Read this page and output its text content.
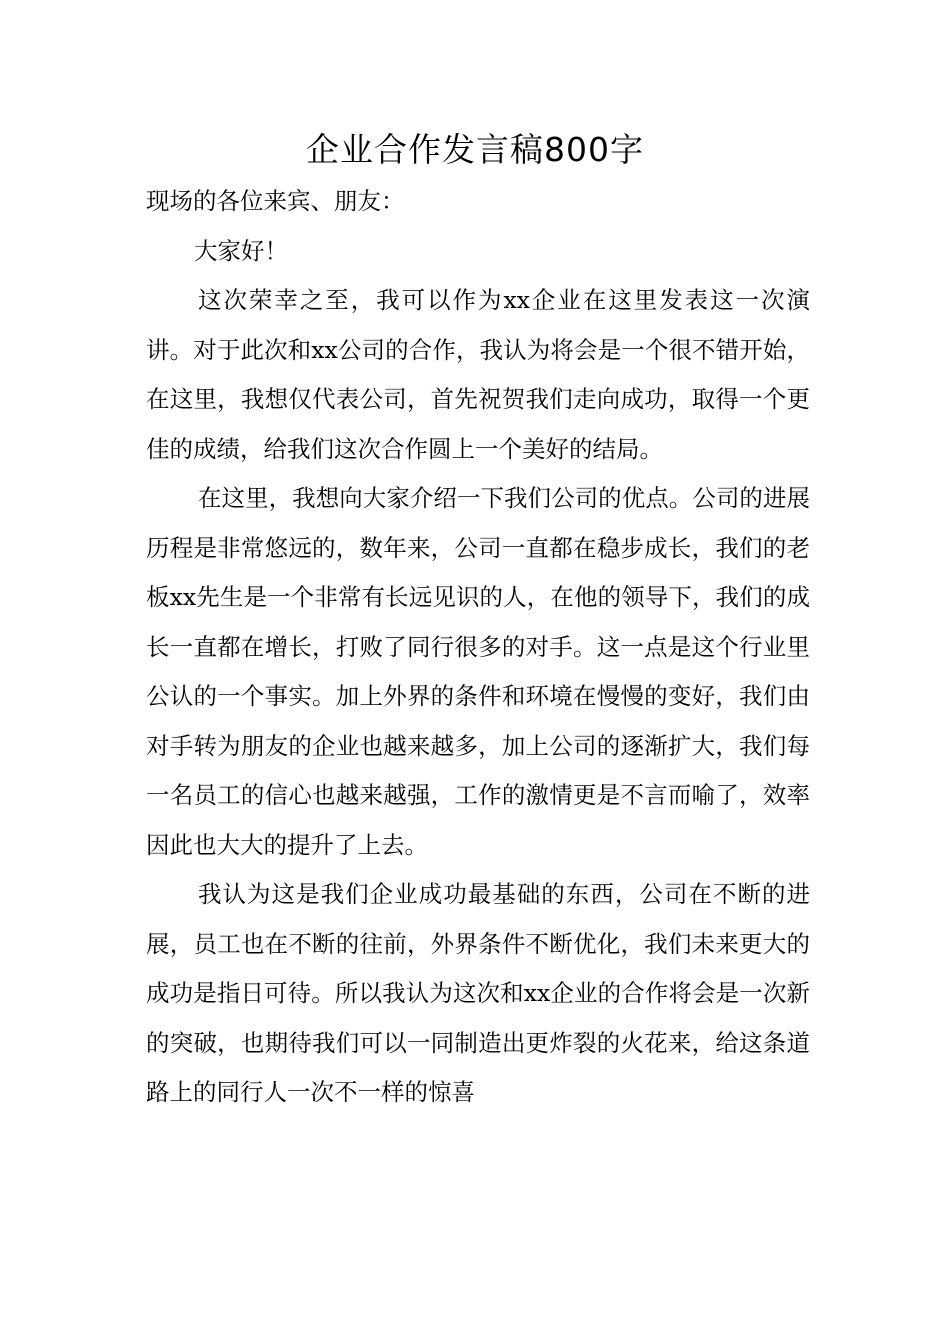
企业合作发言稿800字

现场的各位来宾、朋友：

大家好！

这次荣幸之至，我可以作为xx企业在这里发表这一次演讲。对于此次和xx公司的合作，我认为将会是一个很不错开始，在这里，我想仅代表公司，首先祝贺我们走向成功，取得一个更佳的成绩，给我们这次合作圆上一个美好的结局。

在这里，我想向大家介绍一下我们公司的优点。公司的进展历程是非常悠远的，数年来，公司一直都在稳步成长，我们的老板xx先生是一个非常有长远见识的人，在他的领导下，我们的成长一直都在增长，打败了同行很多的对手。这一点是这个行业里公认的一个事实。加上外界的条件和环境在慢慢的变好，我们由对手转为朋友的企业也越来越多，加上公司的逐渐扩大，我们每一名员工的信心也越来越强，工作的激情更是不言而喻了，效率因此也大大的提升了上去。

我认为这是我们企业成功最基础的东西，公司在不断的进展，员工也在不断的往前，外界条件不断优化，我们未来更大的成功是指日可待。所以我认为这次和xx企业的合作将会是一次新的突破，也期待我们可以一同制造出更炸裂的火花来，给这条道路上的同行人一次不一样的惊喜
